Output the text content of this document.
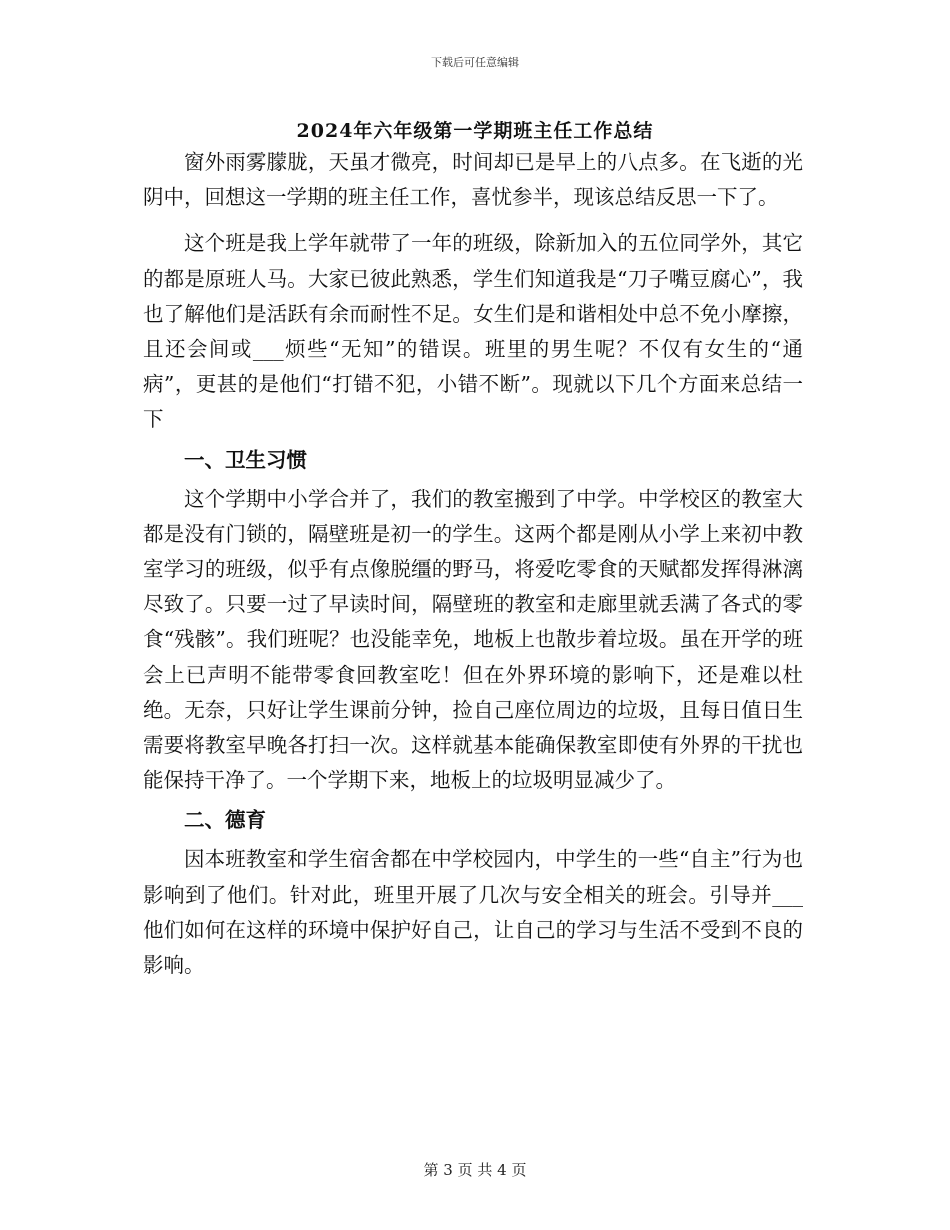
下载后可任意编辑
2024年六年级第一学期班主任工作总结

窗外雨雾朦胧，天虽才微亮，时间却已是早上的八点多。在飞逝的光阴中，回想这一学期的班主任工作，喜忧参半，现该总结反思一下了。

这个班是我上学年就带了一年的班级，除新加入的五位同学外，其它的都是原班人马。大家已彼此熟悉，学生们知道我是“刀子嘴豆腐心”，我也了解他们是活跃有余而耐性不足。女生们是和谐相处中总不免小摩擦，且还会间或___烦些“无知”的错误。班里的男生呢？不仅有女生的“通病”，更甚的是他们“打错不犯，小错不断”。现就以下几个方面来总结一下

一、卫生习惯

这个学期中小学合并了，我们的教室搬到了中学。中学校区的教室大都是没有门锁的，隔壁班是初一的学生。这两个都是刚从小学上来初中教室学习的班级，似乎有点像脱缰的野马，将爱吃零食的天赋都发挥得淋漓尽致了。只要一过了早读时间，隔壁班的教室和走廊里就丢满了各式的零食“残骸”。我们班呢？也没能幸免，地板上也散步着垃圾。虽在开学的班会上已声明不能带零食回教室吃！但在外界环境的影响下，还是难以杜绝。无奈，只好让学生课前分钟，捡自己座位周边的垃圾，且每日值日生需要将教室早晚各打扫一次。这样就基本能确保教室即使有外界的干扰也能保持干净了。一个学期下来，地板上的垃圾明显减少了。

二、德育

因本班教室和学生宿舍都在中学校园内，中学生的一些“自主”行为也影响到了他们。针对此，班里开展了几次与安全相关的班会。引导并___他们如何在这样的环境中保护好自己，让自己的学习与生活不受到不良的影响。

第 3 页 共 4 页
